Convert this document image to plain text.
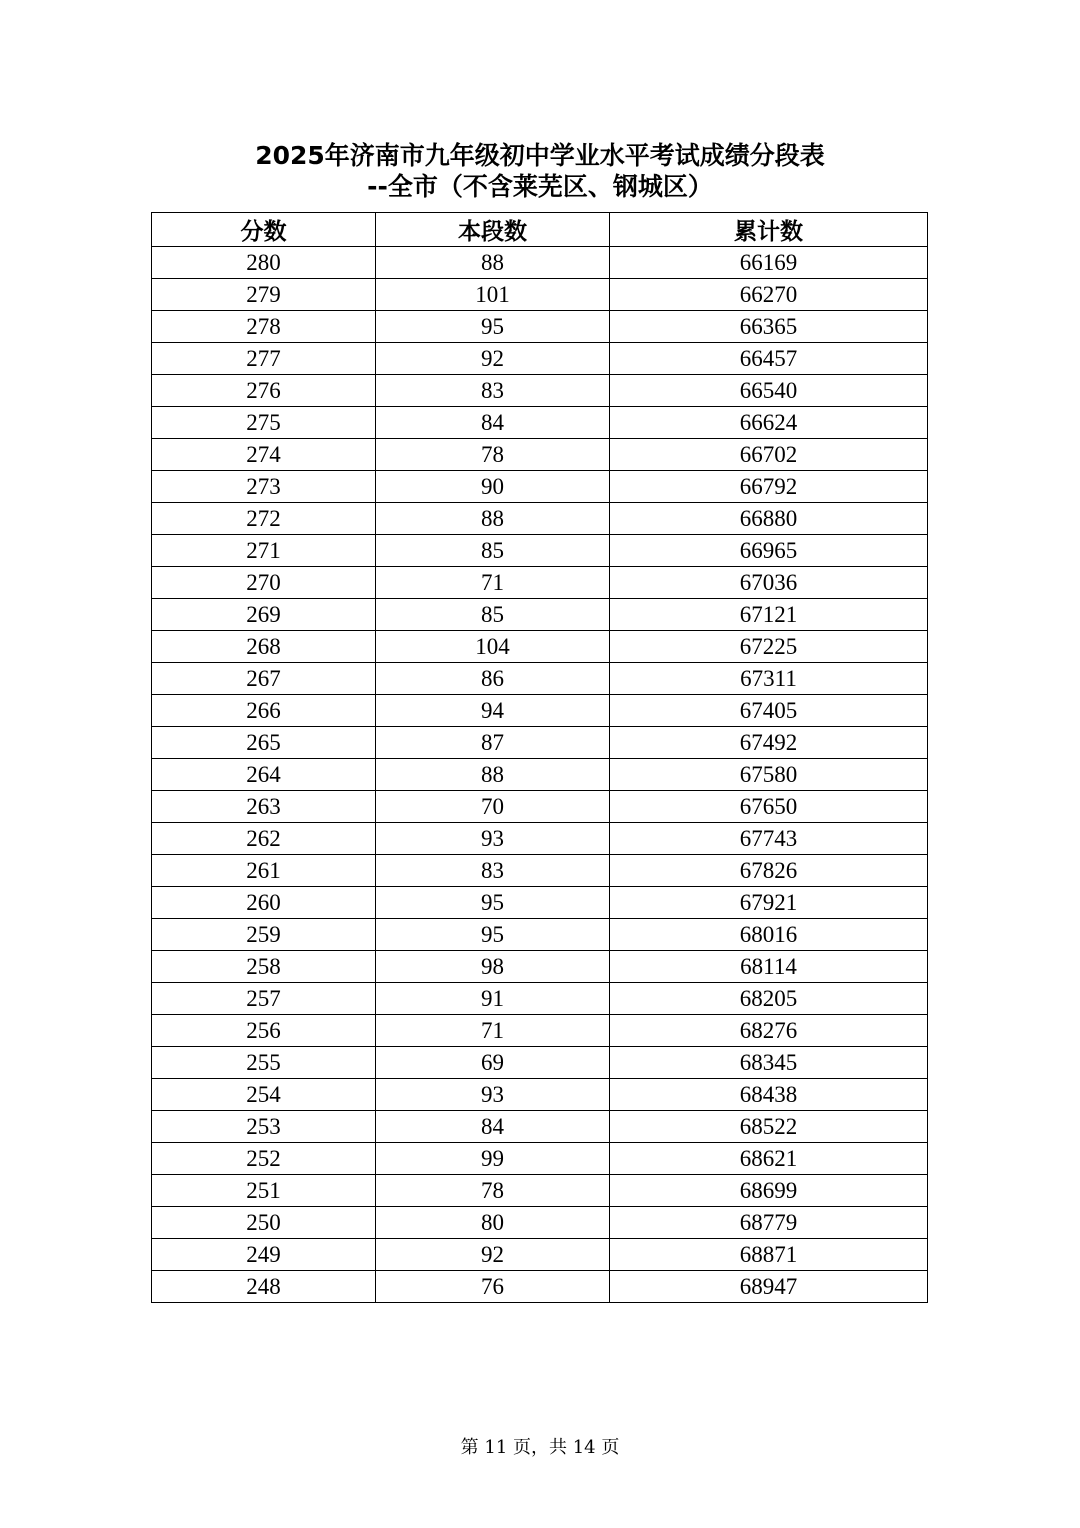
2025年济南市九年级初中学业水平考试成绩分段表
--全市（不含莱芜区、钢城区）
分数	本段数	累计数
280	88	66169
279	101	66270
278	95	66365
277	92	66457
276	83	66540
275	84	66624
274	78	66702
273	90	66792
272	88	66880
271	85	66965
270	71	67036
269	85	67121
268	104	67225
267	86	67311
266	94	67405
265	87	67492
264	88	67580
263	70	67650
262	93	67743
261	83	67826
260	95	67921
259	95	68016
258	98	68114
257	91	68205
256	71	68276
255	69	68345
254	93	68438
253	84	68522
252	99	68621
251	78	68699
250	80	68779
249	92	68871
248	76	68947
第 11 页，共 14 页
